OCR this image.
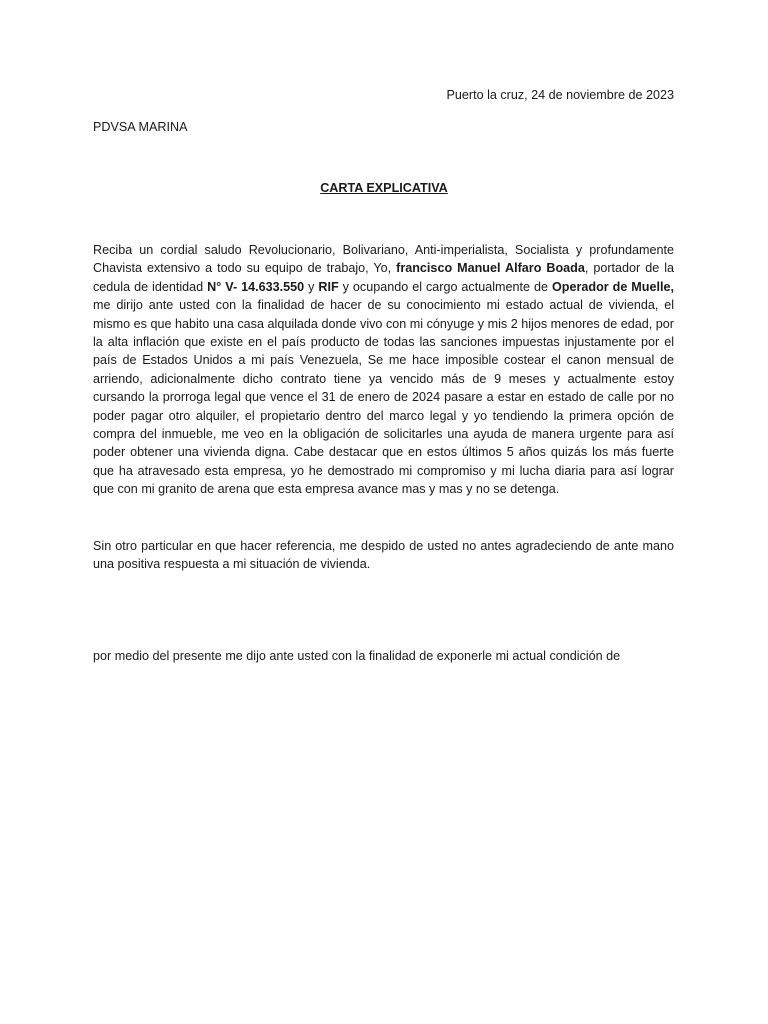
Puerto la cruz, 24 de noviembre de 2023
PDVSA MARINA
CARTA EXPLICATIVA

Reciba un cordial saludo Revolucionario, Bolivariano, Anti-imperialista, Socialista y profundamente Chavista extensivo a todo su equipo de trabajo, Yo, francisco Manuel Alfaro Boada, portador de la cedula de identidad N° V- 14.633.550 y RIF y ocupando el cargo actualmente de Operador de Muelle, me dirijo ante usted con la finalidad de hacer de su conocimiento mi estado actual de vivienda, el mismo es que habito una casa alquilada donde vivo con mi cónyuge y mis 2 hijos menores de edad, por la alta inflación que existe en el país producto de todas las sanciones impuestas injustamente por el país de Estados Unidos a mi país Venezuela, Se me hace imposible costear el canon mensual de arriendo, adicionalmente dicho contrato tiene ya vencido más de 9 meses y actualmente estoy cursando la prorroga legal que vence el 31 de enero de 2024 pasare a estar en estado de calle por no poder pagar otro alquiler, el propietario dentro del marco legal y yo tendiendo la primera opción de compra del inmueble, me veo en la obligación de solicitarles una ayuda de manera urgente para así poder obtener una vivienda digna. Cabe destacar que en estos últimos 5 años quizás los más fuerte que ha atravesado esta empresa, yo he demostrado mi compromiso y mi lucha diaria para así lograr que con mi granito de arena que esta empresa avance mas y mas y no se detenga.

Sin otro particular en que hacer referencia, me despido de usted no antes agradeciendo de ante mano una positiva respuesta a mi situación de vivienda.

por medio del presente me dijo ante usted con la finalidad de exponerle mi actual condición de
